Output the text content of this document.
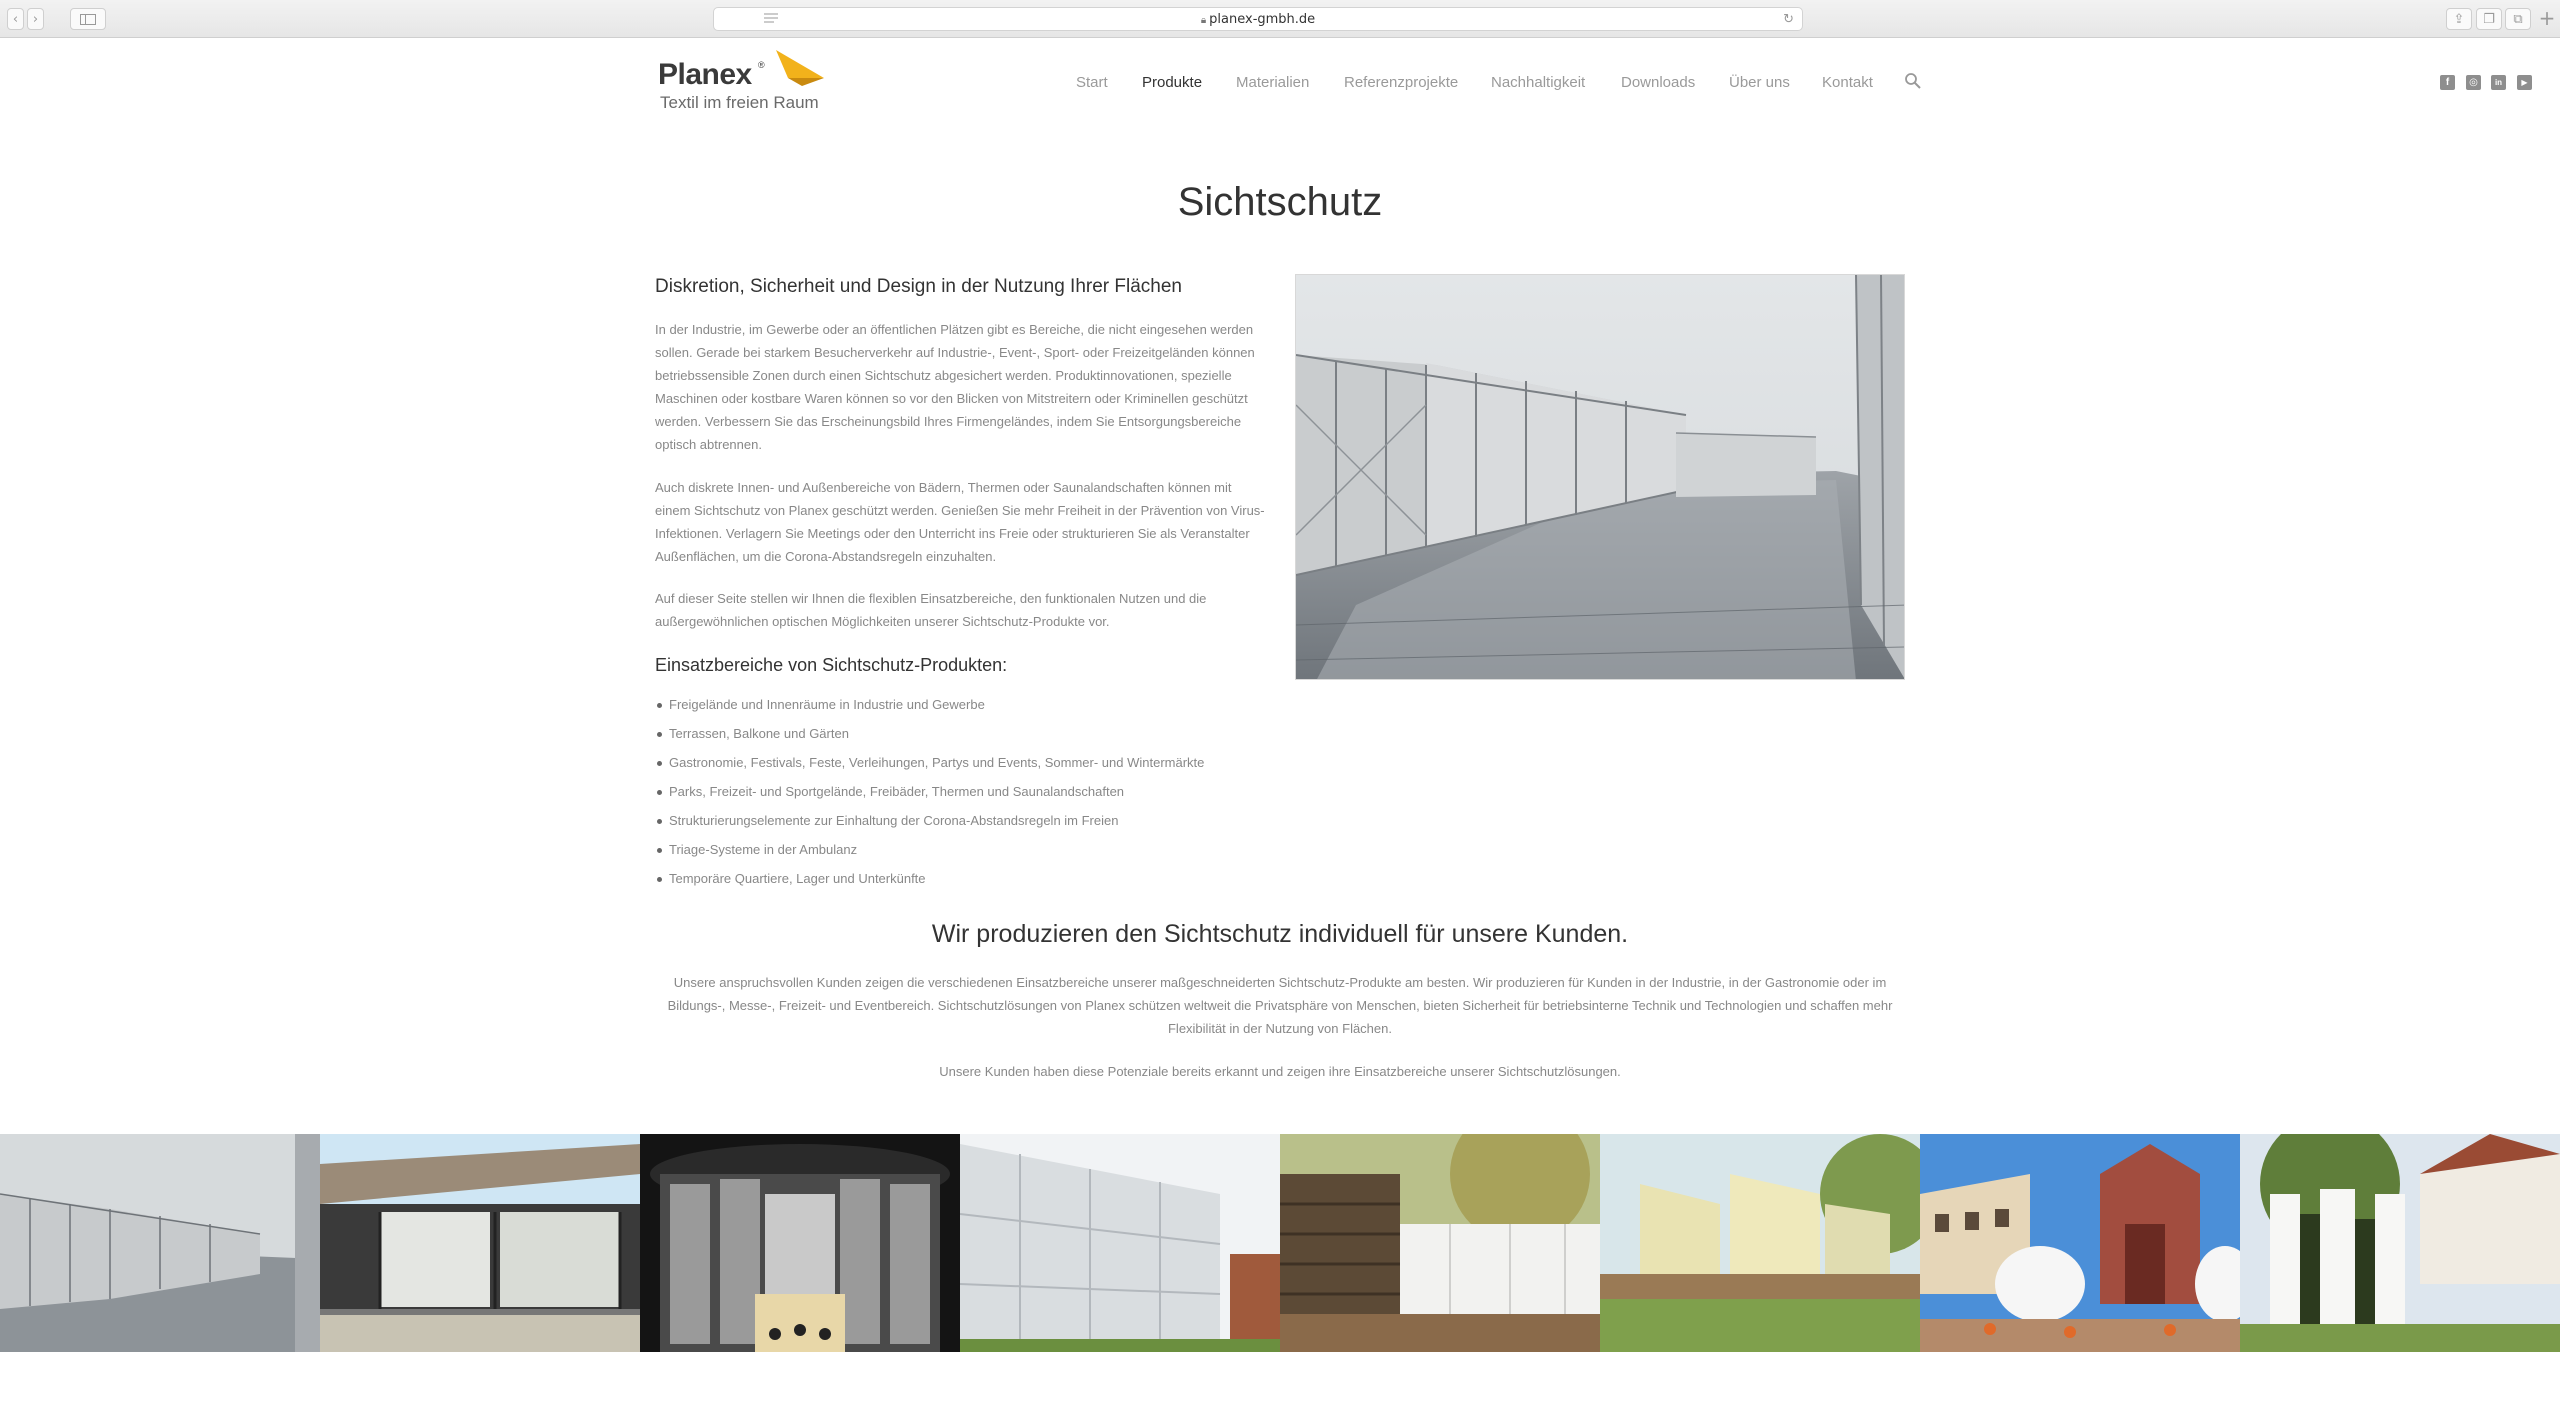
‹ ›	🔒︎ planex-gmbh.de	↻	⇪ ❐ ⧉ +
Planex ®
Textil im freien Raum
Start Produkte Materialien Referenzprojekte Nachhaltigkeit Downloads Über uns Kontakt	f	◎	in	▶
Sichtschutz
Diskretion, Sicherheit und Design in der Nutzung Ihrer Flächen

In der Industrie, im Gewerbe oder an öffentlichen Plätzen gibt es Bereiche, die nicht eingesehen werden sollen. Gerade bei starkem Besucherverkehr auf Industrie-, Event-, Sport- oder Freizeitgeländen können betriebssensible Zonen durch einen Sichtschutz abgesichert werden. Produktinnovationen, spezielle Maschinen oder kostbare Waren können so vor den Blicken von Mitstreitern oder Kriminellen geschützt werden. Verbessern Sie das Erscheinungsbild Ihres Firmengeländes, indem Sie Entsorgungsbereiche optisch abtrennen.

Auch diskrete Innen- und Außenbereiche von Bädern, Thermen oder Saunalandschaften können mit einem Sichtschutz von Planex geschützt werden. Genießen Sie mehr Freiheit in der Prävention von Virus-Infektionen. Verlagern Sie Meetings oder den Unterricht ins Freie oder strukturieren Sie als Veranstalter Außenflächen, um die Corona-Abstandsregeln einzuhalten.

Auf dieser Seite stellen wir Ihnen die flexiblen Einsatzbereiche, den funktionalen Nutzen und die außergewöhnlichen optischen Möglichkeiten unserer Sichtschutz-Produkte vor.

Einsatzbereiche von Sichtschutz-Produkten:
Freigelände und Innenräume in Industrie und Gewerbe
Terrassen, Balkone und Gärten
Gastronomie, Festivals, Feste, Verleihungen, Partys und Events, Sommer- und Wintermärkte
Parks, Freizeit- und Sportgelände, Freibäder, Thermen und Saunalandschaften
Strukturierungselemente zur Einhaltung der Corona-Abstandsregeln im Freien
Triage-Systeme in der Ambulanz
Temporäre Quartiere, Lager und Unterkünfte
Wir produzieren den Sichtschutz individuell für unsere Kunden.

Unsere anspruchsvollen Kunden zeigen die verschiedenen Einsatzbereiche unserer maßgeschneiderten Sichtschutz-Produkte am besten. Wir produzieren für Kunden in der Industrie, in der Gastronomie oder im Bildungs-, Messe-, Freizeit- und Eventbereich. Sichtschutzlösungen von Planex schützen weltweit die Privatsphäre von Menschen, bieten Sicherheit für betriebsinterne Technik und Technologien und schaffen mehr Flexibilität in der Nutzung von Flächen.

Unsere Kunden haben diese Potenziale bereits erkannt und zeigen ihre Einsatzbereiche unserer Sichtschutzlösungen.
